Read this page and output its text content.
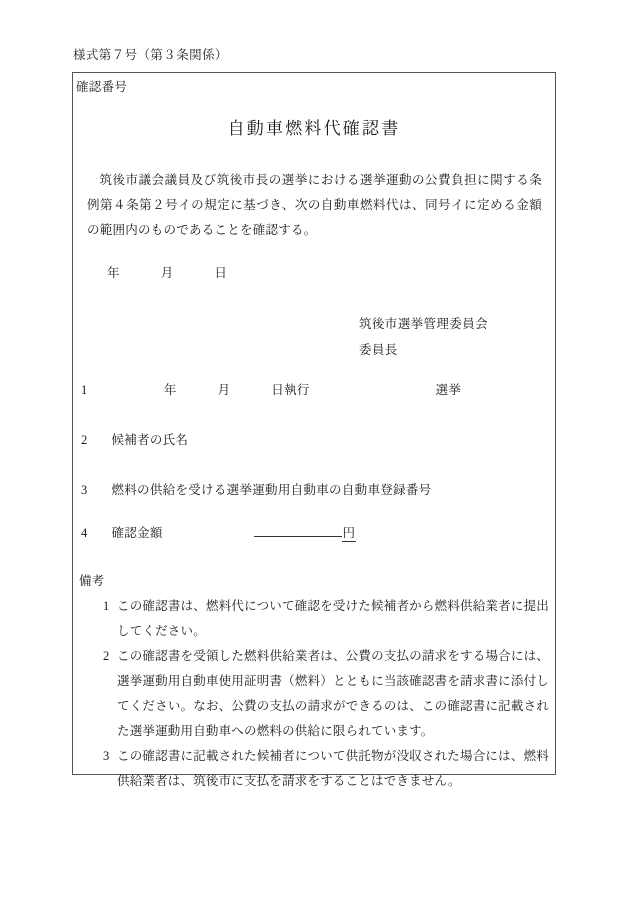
様式第７号（第３条関係）
確認番号
自動車燃料代確認書
筑後市議会議員及び筑後市長の選挙における選挙運動の公費負担に関する条例第４条第２号イの規定に基づき、次の自動車燃料代は、同号イに定める金額の範囲内のものであることを確認する。
年	月	日
筑後市選挙管理委員会
委員長
1	年	月	日執行	選挙
2 候補者の氏名
3 燃料の供給を受ける選挙運動用自動車の自動車登録番号
4 確認金額	円
備考
1 この確認書は、燃料代について確認を受けた候補者から燃料供給業者に提出してください。
2 この確認書を受領した燃料供給業者は、公費の支払の請求をする場合には、選挙運動用自動車使用証明書（燃料）とともに当該確認書を請求書に添付してください。なお、公費の支払の請求ができるのは、この確認書に記載された選挙運動用自動車への燃料の供給に限られています。
3 この確認書に記載された候補者について供託物が没収された場合には、燃料供給業者は、筑後市に支払を請求をすることはできません。
